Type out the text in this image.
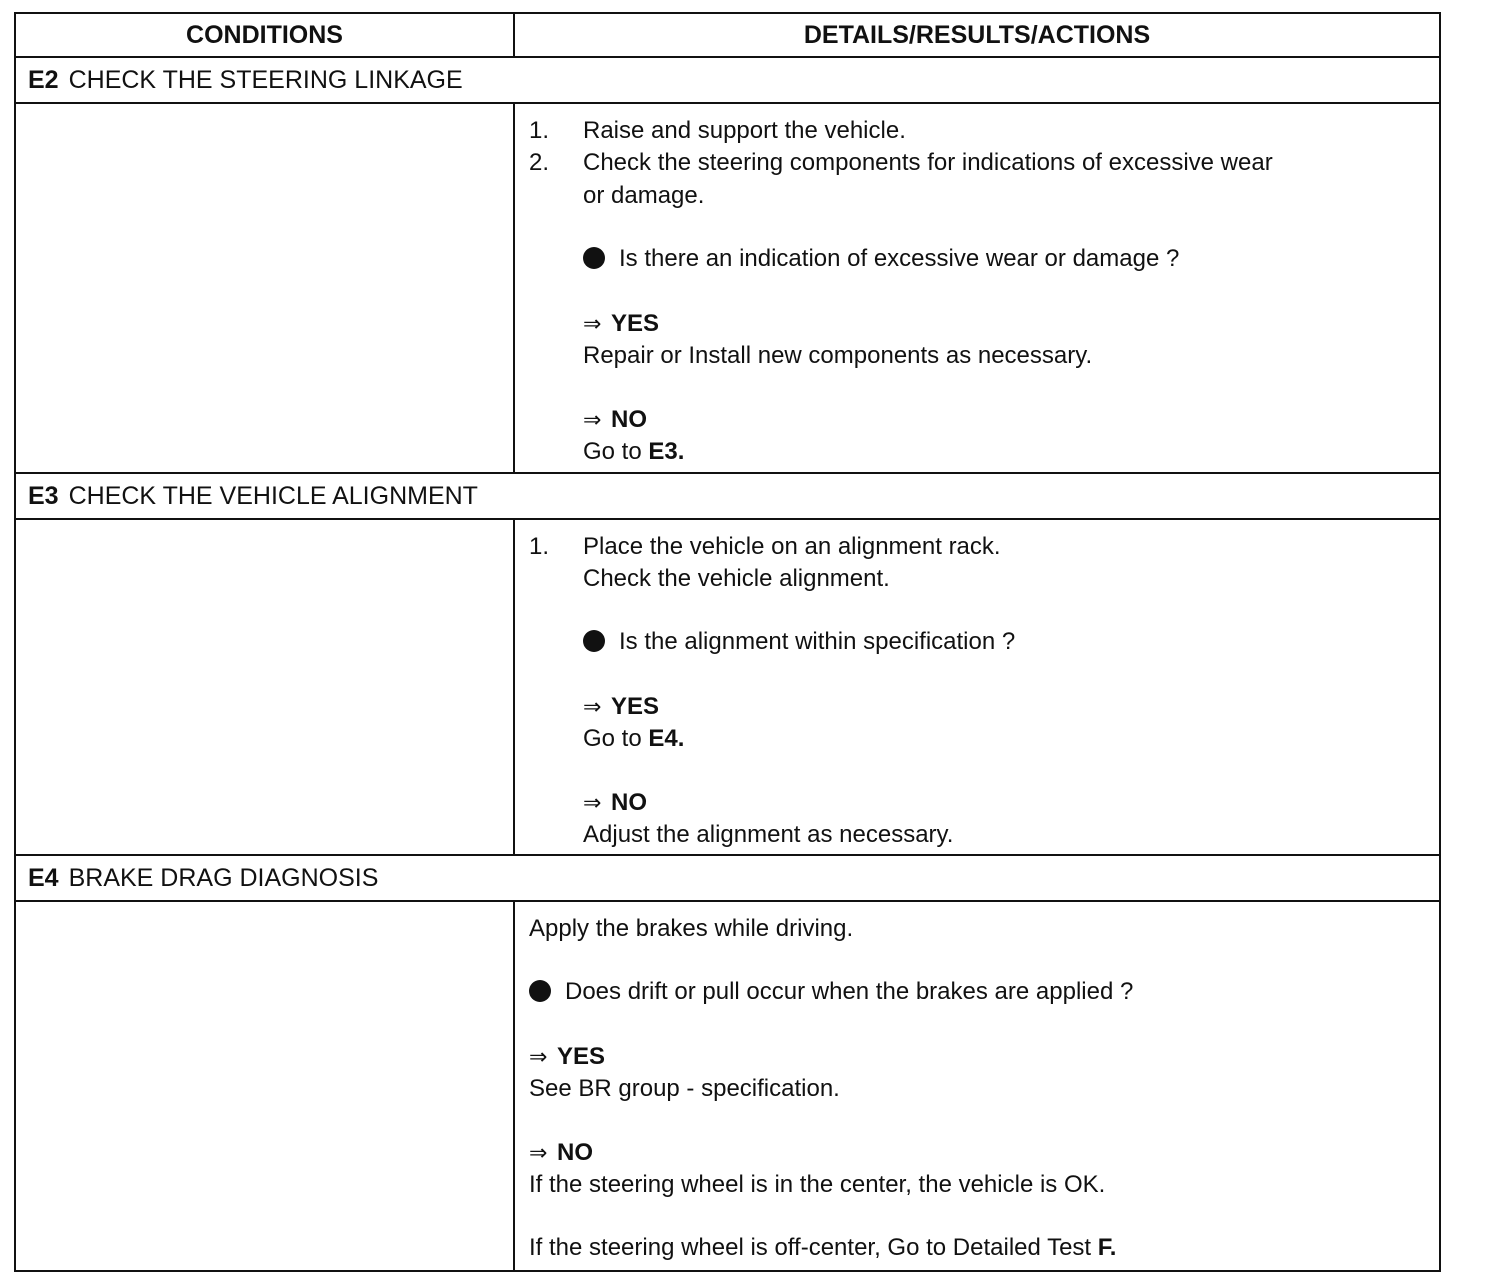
CONDITIONS	DETAILS/RESULTS/ACTIONS
E2 CHECK THE STEERING LINKAGE
1. Raise and support the vehicle.
2. Check the steering components for indications of excessive wear
or damage.
Is there an indication of excessive wear or damage ?
⇒ YES
Repair or Install new components as necessary.
⇒ NO
Go to E3.
E3 CHECK THE VEHICLE ALIGNMENT
1. Place the vehicle on an alignment rack.
Check the vehicle alignment.
Is the alignment within specification ?
⇒ YES
Go to E4.
⇒ NO
Adjust the alignment as necessary.
E4 BRAKE DRAG DIAGNOSIS
Apply the brakes while driving.
Does drift or pull occur when the brakes are applied ?
⇒ YES
See BR group - specification.
⇒ NO
If the steering wheel is in the center, the vehicle is OK.
If the steering wheel is off-center, Go to Detailed Test F.
